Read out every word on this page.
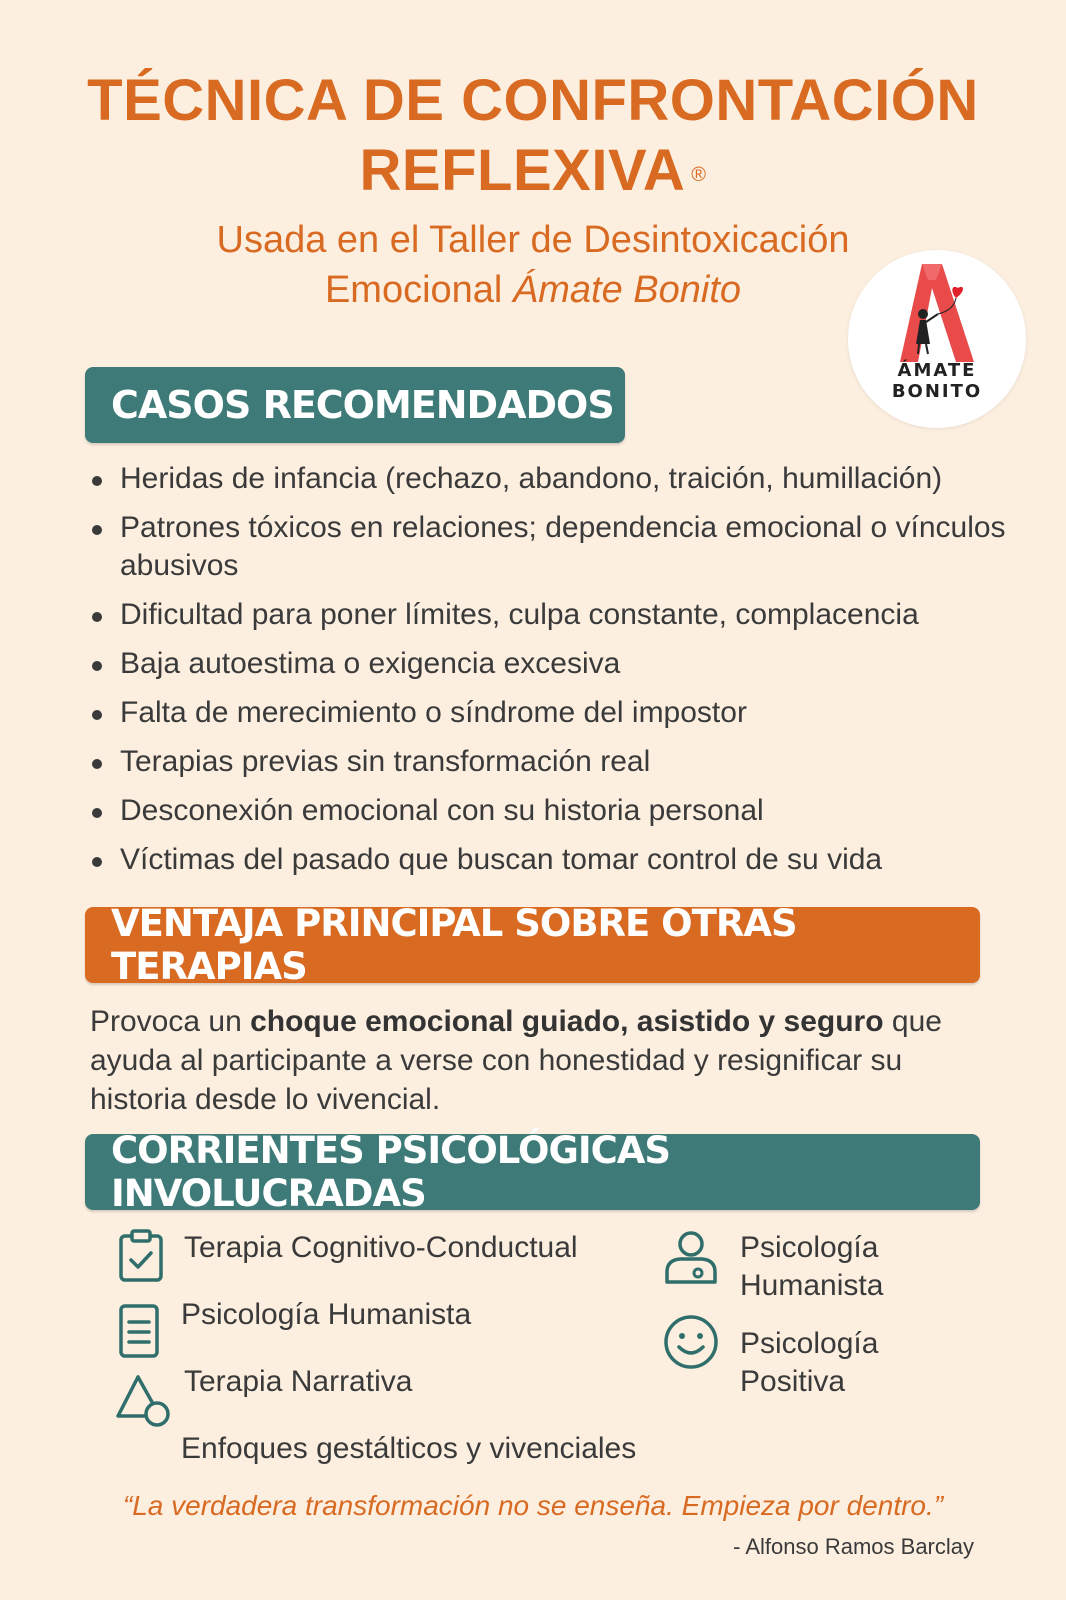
TÉCNICA DE CONFRONTACIÓN
REFLEXIVA ®
Usada en el Taller de Desintoxicación
Emocional Ámate Bonito
ÁMATE
BONITO
CASOS RECOMENDADOS
Heridas de infancia (rechazo, abandono, traición, humillación)
Patrones tóxicos en relaciones; dependencia emocional o vínculos abusivos
Dificultad para poner límites, culpa constante, complacencia
Baja autoestima o exigencia excesiva
Falta de merecimiento o síndrome del impostor
Terapias previas sin transformación real
Desconexión emocional con su historia personal
Víctimas del pasado que buscan tomar control de su vida
VENTAJA PRINCIPAL SOBRE OTRAS TERAPIAS
Provoca un choque emocional guiado, asistido y seguro que ayuda al participante a verse con honestidad y resignificar su historia desde lo vivencial.
CORRIENTES PSICOLÓGICAS INVOLUCRADAS
Terapia Cognitivo-Conductual
Psicología Humanista
Terapia Narrativa
Enfoques gestálticos y vivenciales
Psicología Humanista
Psicología Positiva
“La verdadera transformación no se enseña. Empieza por dentro.”
- Alfonso Ramos Barclay
